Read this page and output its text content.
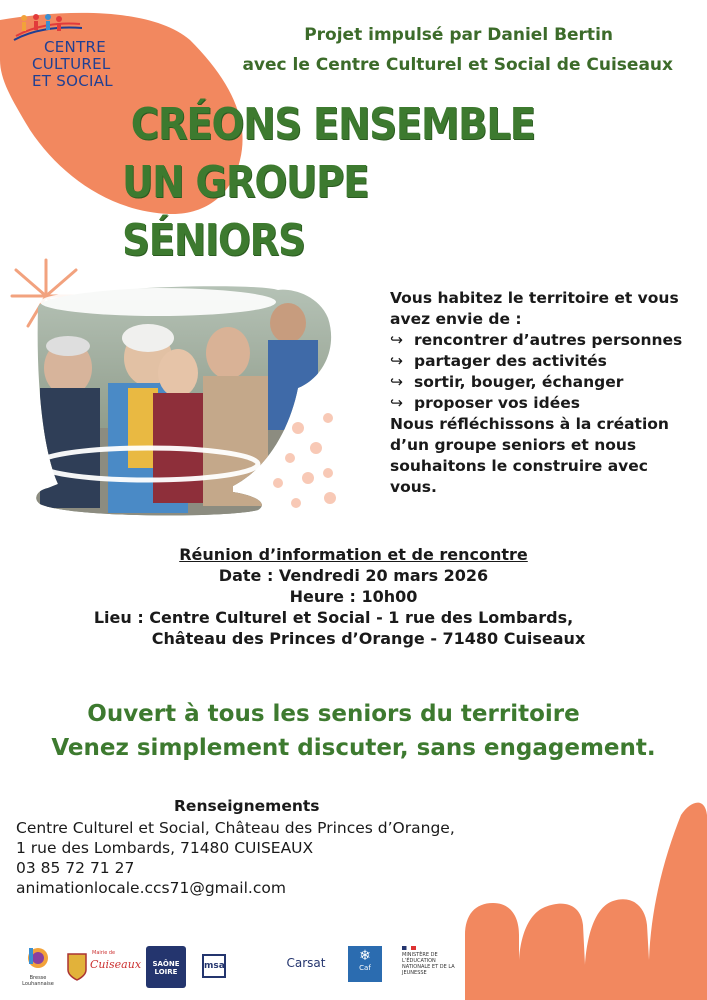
CENTRE
CULTUREL
ET SOCIAL
Projet impulsé par Daniel Bertin
avec le Centre Culturel et Social de Cuiseaux
CRÉONS ENSEMBLE
UN GROUPE SÉNIORS
Vous habitez le territoire et vous avez envie de :
↪ rencontrer d’autres personnes
↪ partager des activités
↪ sortir, bouger, échanger
↪ proposer vos idées
Nous réfléchissons à la création d’un groupe seniors et nous souhaitons le construire avec vous.
Réunion d’information et de rencontre
Date : Vendredi 20 mars 2026
Heure : 10h00
Lieu : Centre Culturel et Social - 1 rue des Lombards,
Château des Princes d’Orange - 71480 Cuiseaux
Ouvert à tous les seniors du territoire
Venez simplement discuter, sans engagement.
Renseignements
Centre Culturel et Social, Château des Princes d’Orange,
1 rue des Lombards, 71480 CUISEAUX
03 85 72 71 27
animationlocale.ccs71@gmail.com
Bresse Louhannaise
Mairie de
Cuiseaux	SAÔNE
LOIRE
msa	Carsat	❄
Caf
MINISTÈRE DE L’ÉDUCATION NATIONALE ET DE LA JEUNESSE
